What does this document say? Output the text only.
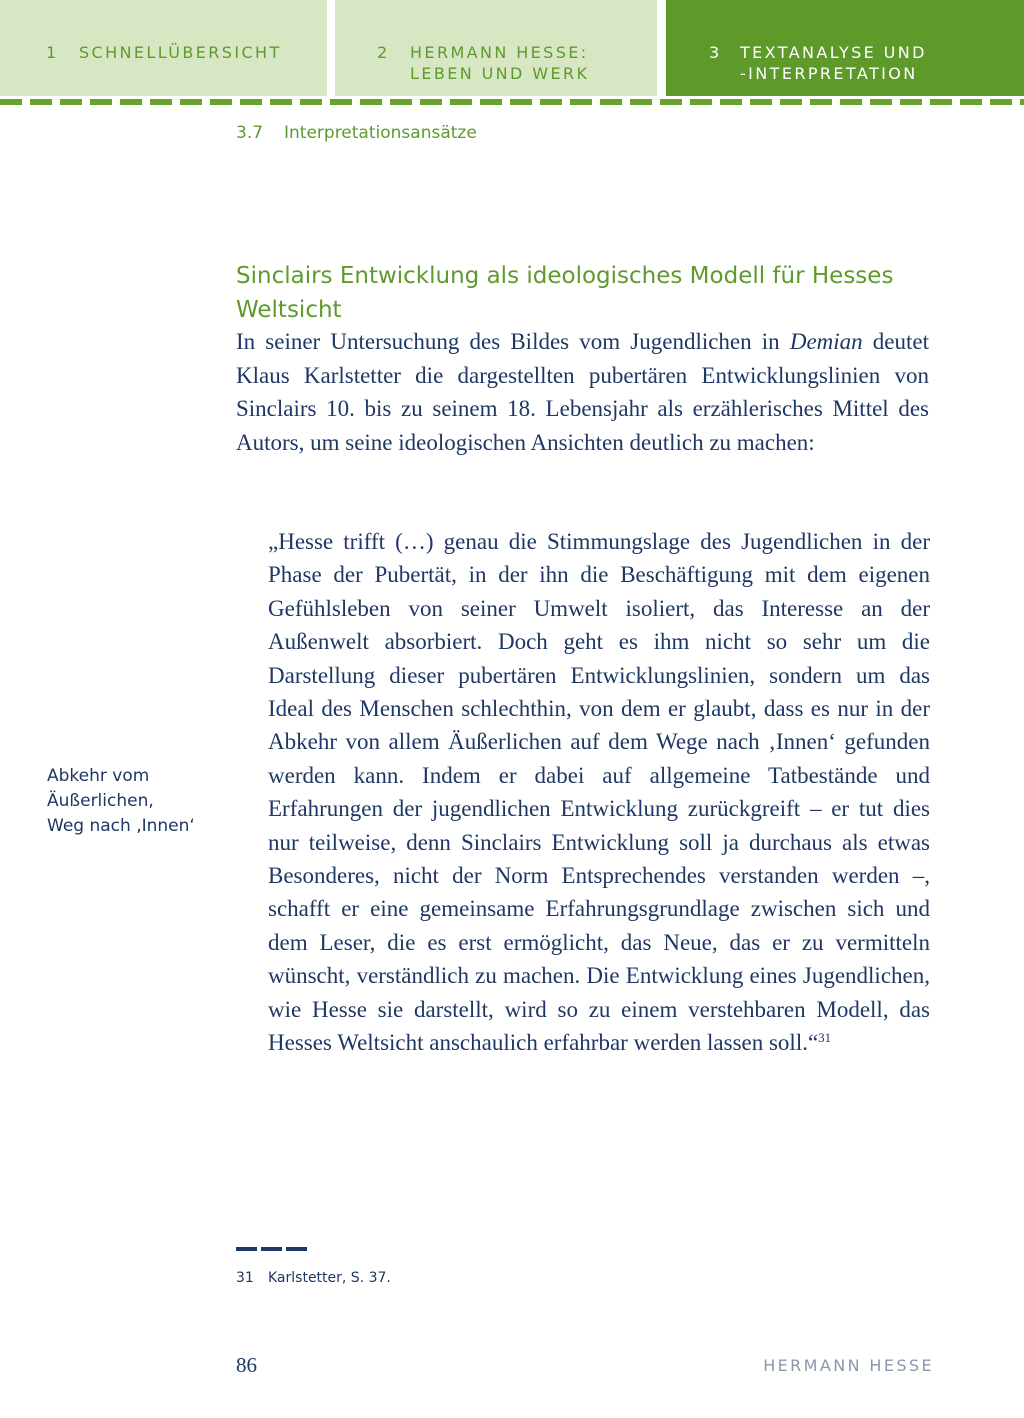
1 SCHNELLÜBERSICHT	2 HERMANN HESSE:
LEBEN UND WERK
3 TEXTANALYSE UND
-INTERPRETATION
3.7 Interpretationsansätze
Sinclairs Entwicklung als ideologisches Modell für Hesses Weltsicht

In seiner Untersuchung des Bildes vom Jugendlichen in Demian deutet Klaus Karlstetter die dargestellten pubertären Entwicklungslinien von Sinclairs 10. bis zu seinem 18. Lebensjahr als erzählerisches Mittel des Autors, um seine ideologischen Ansichten deutlich zu machen:

„Hesse trifft (…) genau die Stimmungslage des Jugendlichen in der Phase der Pubertät, in der ihn die Beschäftigung mit dem eigenen Gefühlsleben von seiner Umwelt isoliert, das Interesse an der Außenwelt absorbiert. Doch geht es ihm nicht so sehr um die Darstellung dieser pubertären Entwicklungslinien, sondern um das Ideal des Menschen schlechthin, von dem er glaubt, dass es nur in der Abkehr von allem Äußerlichen auf dem Wege nach ‚Innen‘ gefunden werden kann. Indem er dabei auf allgemeine Tatbestände und Erfahrungen der jugendlichen Entwicklung zurückgreift – er tut dies nur teilweise, denn Sinclairs Entwicklung soll ja durchaus als etwas Besonderes, nicht der Norm Entsprechendes verstanden werden –, schafft er eine gemeinsame Erfahrungsgrundlage zwischen sich und dem Leser, die es erst ermöglicht, das Neue, das er zu vermitteln wünscht, verständlich zu machen. Die Entwicklung eines Jugendlichen, wie Hesse sie darstellt, wird so zu einem verstehbaren Modell, das Hesses Weltsicht anschaulich erfahrbar werden lassen soll.“$^{31}$

Abkehr vom
Äußerlichen,
Weg nach ‚Innen‘
31 Karlstetter, S. 37.
86	HERMANN HESSE
